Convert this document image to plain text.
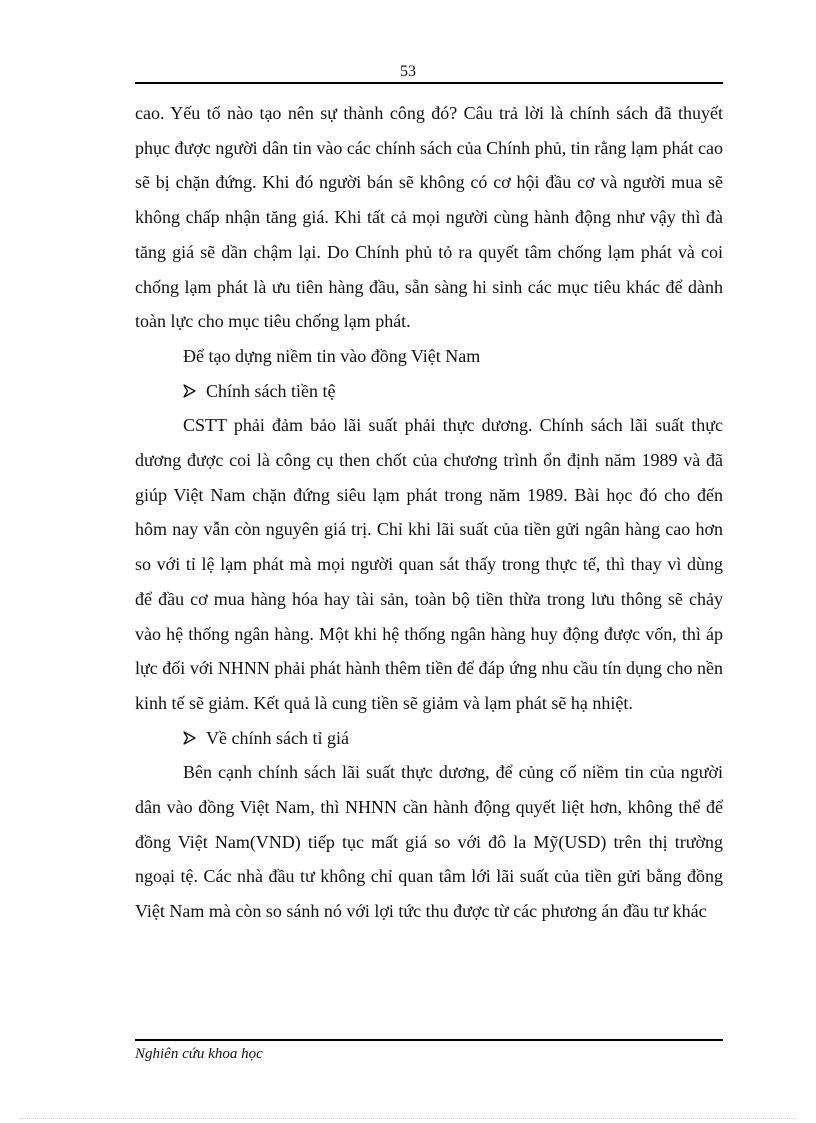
53

cao. Yếu tố nào tạo nên sự thành công đó? Câu trả lời là chính sách đã thuyết phục được người dân tin vào các chính sách của Chính phủ, tin rằng lạm phát cao sẽ bị chặn đứng. Khi đó người bán sẽ không có cơ hội đầu cơ và người mua sẽ không chấp nhận tăng giá. Khi tất cả mọi người cùng hành động như vậy thì đà tăng giá sẽ dần chậm lại. Do Chính phủ tỏ ra quyết tâm chống lạm phát và coi chống lạm phát là ưu tiên hàng đầu, sẵn sàng hi sinh các mục tiêu khác để dành toàn lực cho mục tiêu chống lạm phát.

Để tạo dựng niềm tin vào đồng Việt Nam

Chính sách tiền tệ

CSTT phải đảm bảo lãi suất phải thực dương. Chính sách lãi suất thực dương được coi là công cụ then chốt của chương trình ổn định năm 1989 và đã giúp Việt Nam chặn đứng siêu lạm phát trong năm 1989. Bài học đó cho đến hôm nay vẫn còn nguyên giá trị. Chỉ khi lãi suất của tiền gửi ngân hàng cao hơn so với tỉ lệ lạm phát mà mọi người quan sát thấy trong thực tế, thì thay vì dùng để đầu cơ mua hàng hóa hay tài sản, toàn bộ tiền thừa trong lưu thông sẽ chảy vào hệ thống ngân hàng. Một khi hệ thống ngân hàng huy động được vốn, thì áp lực đối với NHNN phải phát hành thêm tiền để đáp ứng nhu cầu tín dụng cho nền kinh tế sẽ giảm. Kết quả là cung tiền sẽ giảm và lạm phát sẽ hạ nhiệt.

Về chính sách tỉ giá

Bên cạnh chính sách lãi suất thực dương, để củng cố niềm tin của người dân vào đồng Việt Nam, thì NHNN cần hành động quyết liệt hơn, không thể để đồng Việt Nam(VND) tiếp tục mất giá so với đô la Mỹ(USD) trên thị trường ngoại tệ. Các nhà đầu tư không chỉ quan tâm lới lãi suất của tiền gửi bằng đồng Việt Nam mà còn so sánh nó với lợi tức thu được từ các phương án đầu tư khác

Nghiên cứu khoa học
